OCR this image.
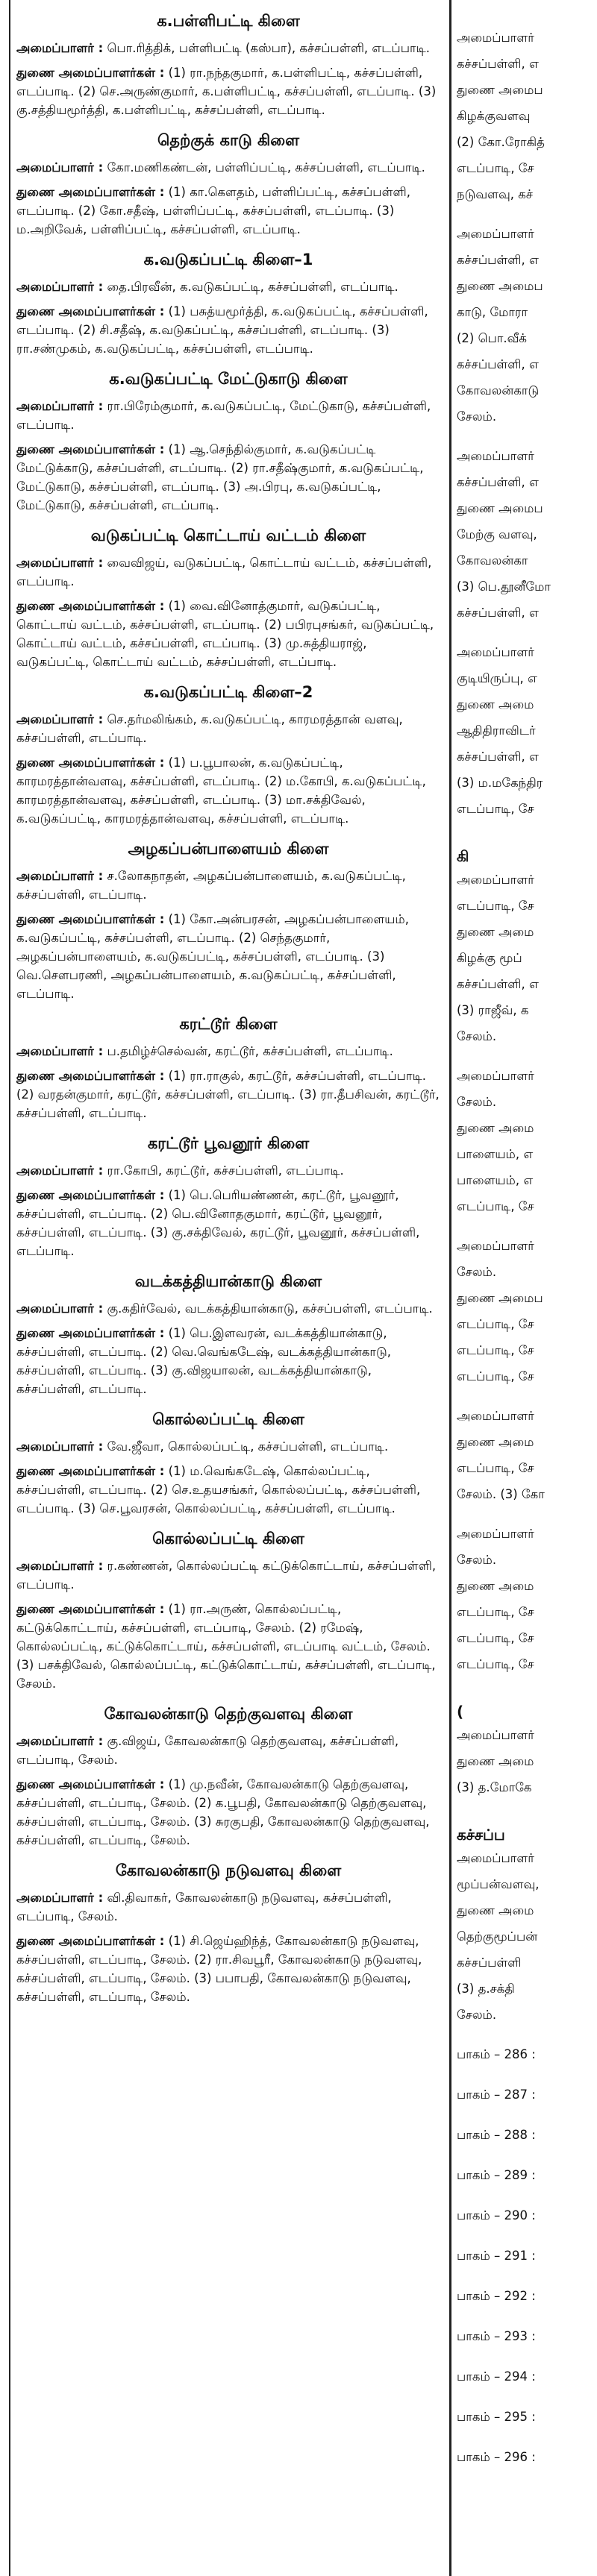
க.பள்ளிபட்டி கிளை

அமைப்பாளர் : பொ.ரித்திக், பள்ளிபட்டி (கஸ்பா), கச்சப்பள்ளி, எடப்பாடி.

துணை அமைப்பாளர்கள் : (1) ரா.நந்தகுமார், க.பள்ளிபட்டி, கச்சப்பள்ளி, எடப்பாடி. (2) செ.அருண்குமார், க.பள்ளிபட்டி, கச்சப்பள்ளி, எடப்பாடி. (3) கு.சத்தியமூர்த்தி, க.பள்ளிபட்டி, கச்சப்பள்ளி, எடப்பாடி.

தெற்குக் காடு கிளை

அமைப்பாளர் : கோ.மணிகண்டன், பள்ளிப்பட்டி, கச்சப்பள்ளி, எடப்பாடி.

துணை அமைப்பாளர்கள் : (1) கா.கௌதம், பள்ளிப்பட்டி, கச்சப்பள்ளி, எடப்பாடி. (2) கோ.சதீஷ், பள்ளிப்பட்டி, கச்சப்பள்ளி, எடப்பாடி. (3) ம.அறிவேக், பள்ளிப்பட்டி, கச்சப்பள்ளி, எடப்பாடி.

க.வடுகப்பட்டி கிளை–1

அமைப்பாளர் : தை.பிரவீன், க.வடுகப்பட்டி, கச்சப்பள்ளி, எடப்பாடி.

துணை அமைப்பாளர்கள் : (1) பசுத்யமூர்த்தி, க.வடுகப்பட்டி, கச்சப்பள்ளி, எடப்பாடி. (2) சி.சதீஷ், க.வடுகப்பட்டி, கச்சப்பள்ளி, எடப்பாடி. (3) ரா.சண்முகம், க.வடுகப்பட்டி, கச்சப்பள்ளி, எடப்பாடி.

க.வடுகப்பட்டி மேட்டுகாடு கிளை

அமைப்பாளர் : ரா.பிரேம்குமார், க.வடுகப்பட்டி, மேட்டுகாடு, கச்சப்பள்ளி, எடப்பாடி.

துணை அமைப்பாளர்கள் : (1) ஆ.செந்தில்குமார், க.வடுகப்பட்டி மேட்டுக்காடு, கச்சப்பள்ளி, எடப்பாடி. (2) ரா.சதீஷ்குமார், க.வடுகப்பட்டி, மேட்டுகாடு, கச்சப்பள்ளி, எடப்பாடி. (3) அ.பிரபு, க.வடுகப்பட்டி, மேட்டுகாடு, கச்சப்பள்ளி, எடப்பாடி.

வடுகப்பட்டி கொட்டாய் வட்டம் கிளை

அமைப்பாளர் : வைவிஜய், வடுகப்பட்டி, கொட்டாய் வட்டம், கச்சப்பள்ளி, எடப்பாடி.

துணை அமைப்பாளர்கள் : (1) வை.வினோத்குமார், வடுகப்பட்டி, கொட்டாய் வட்டம், கச்சப்பள்ளி, எடப்பாடி. (2) பபிரபுசங்கர், வடுகப்பட்டி, கொட்டாய் வட்டம், கச்சப்பள்ளி, எடப்பாடி. (3) மு.சுத்தியராஜ், வடுகப்பட்டி, கொட்டாய் வட்டம், கச்சப்பள்ளி, எடப்பாடி.

க.வடுகப்பட்டி கிளை–2

அமைப்பாளர் : செ.தர்மலிங்கம், க.வடுகப்பட்டி, காரமரத்தான் வளவு, கச்சப்பள்ளி, எடப்பாடி.

துணை அமைப்பாளர்கள் : (1) ப.பூபாலன், க.வடுகப்பட்டி, காரமரத்தான்வளவு, கச்சப்பள்ளி, எடப்பாடி. (2) ம.கோபி, க.வடுகப்பட்டி, காரமரத்தான்வளவு, கச்சப்பள்ளி, எடப்பாடி. (3) மா.சக்திவேல், க.வடுகப்பட்டி, காரமரத்தான்வளவு, கச்சப்பள்ளி, எடப்பாடி.

அழகப்பன்பாளையம் கிளை

அமைப்பாளர் : ச.லோகநாதன், அழகப்பன்பாளையம், க.வடுகப்பட்டி, கச்சப்பள்ளி, எடப்பாடி.

துணை அமைப்பாளர்கள் : (1) கோ.அன்பரசன், அழகப்பன்பாளையம், க.வடுகப்பட்டி, கச்சப்பள்ளி, எடப்பாடி. (2) செந்தகுமார், அழகப்பன்பாளையம், க.வடுகப்பட்டி, கச்சப்பள்ளி, எடப்பாடி. (3) வெ.சௌபரணி, அழகப்பன்பாளையம், க.வடுகப்பட்டி, கச்சப்பள்ளி, எடப்பாடி.

கரட்டூர் கிளை

அமைப்பாளர் : ப.தமிழ்ச்செல்வன், கரட்டூர், கச்சப்பள்ளி, எடப்பாடி.

துணை அமைப்பாளர்கள் : (1) ரா.ராகுல், கரட்டூர், கச்சப்பள்ளி, எடப்பாடி. (2) வரதன்குமார், கரட்டூர், கச்சப்பள்ளி, எடப்பாடி. (3) ரா.தீபசிவன், கரட்டூர், கச்சப்பள்ளி, எடப்பாடி.

கரட்டூர் பூவனூர் கிளை

அமைப்பாளர் : ரா.கோபி, கரட்டூர், கச்சப்பள்ளி, எடப்பாடி.

துணை அமைப்பாளர்கள் : (1) பெ.பெரியண்ணன், கரட்டூர், பூவனூர், கச்சப்பள்ளி, எடப்பாடி. (2) பெ.வினோதகுமார், கரட்டூர், பூவனூர், கச்சப்பள்ளி, எடப்பாடி. (3) கு.சக்திவேல், கரட்டூர், பூவனூர், கச்சப்பள்ளி, எடப்பாடி.

வடக்கத்தியான்காடு கிளை

அமைப்பாளர் : கு.கதிர்வேல், வடக்கத்தியான்காடு, கச்சப்பள்ளி, எடப்பாடி.

துணை அமைப்பாளர்கள் : (1) பெ.இளவரன், வடக்கத்தியான்காடு, கச்சப்பள்ளி, எடப்பாடி. (2) வெ.வெங்கடேஷ், வடக்கத்தியான்காடு, கச்சப்பள்ளி, எடப்பாடி. (3) கு.விஜயாலன், வடக்கத்தியான்காடு, கச்சப்பள்ளி, எடப்பாடி.

கொல்லப்பட்டி கிளை

அமைப்பாளர் : வே.ஜீவா, கொல்லப்பட்டி, கச்சப்பள்ளி, எடப்பாடி.

துணை அமைப்பாளர்கள் : (1) ம.வெங்கடேஷ், கொல்லப்பட்டி, கச்சப்பள்ளி, எடப்பாடி. (2) செ.உதயசங்கர், கொல்லப்பட்டி, கச்சப்பள்ளி, எடப்பாடி. (3) செ.பூவரசன், கொல்லப்பட்டி, கச்சப்பள்ளி, எடப்பாடி.

கொல்லப்பட்டி கிளை

அமைப்பாளர் : ர.கண்ணன், கொல்லப்பட்டி கட்டுக்கொட்டாய், கச்சப்பள்ளி, எடப்பாடி.

துணை அமைப்பாளர்கள் : (1) ரா.அருண், கொல்லப்பட்டி, கட்டுக்கொட்டாய், கச்சப்பள்ளி, எடப்பாடி, சேலம். (2) ரமேஷ், கொல்லப்பட்டி, கட்டுக்கொட்டாய், கச்சப்பள்ளி, எடப்பாடி வட்டம், சேலம். (3) பசக்திவேல், கொல்லப்பட்டி, கட்டுக்கொட்டாய், கச்சப்பள்ளி, எடப்பாடி, சேலம்.

கோவலன்காடு தெற்குவளவு கிளை

அமைப்பாளர் : கு.விஜய், கோவலன்காடு தெற்குவளவு, கச்சப்பள்ளி, எடப்பாடி, சேலம்.

துணை அமைப்பாளர்கள் : (1) மு.நவீன், கோவலன்காடு தெற்குவளவு, கச்சப்பள்ளி, எடப்பாடி, சேலம். (2) க.பூபதி, கோவலன்காடு தெற்குவளவு, கச்சப்பள்ளி, எடப்பாடி, சேலம். (3) சுரகுபதி, கோவலன்காடு தெற்குவளவு, கச்சப்பள்ளி, எடப்பாடி, சேலம்.

கோவலன்காடு நடுவளவு கிளை

அமைப்பாளர் : வி.திவாகர், கோவலன்காடு நடுவளவு, கச்சப்பள்ளி, எடப்பாடி, சேலம்.

துணை அமைப்பாளர்கள் : (1) சி.ஜெய்ஹிந்த், கோவலன்காடு நடுவளவு, கச்சப்பள்ளி, எடப்பாடி, சேலம். (2) ரா.சிவபூரீ, கோவலன்காடு நடுவளவு, கச்சப்பள்ளி, எடப்பாடி, சேலம். (3) பபாபதி, கோவலன்காடு நடுவளவு, கச்சப்பள்ளி, எடப்பாடி, சேலம்.

அமைப்பாளர்
கச்சப்பள்ளி, எ
துணை அமைப
கிழக்குவளவு
(2) கோ.ரோகித்
எடப்பாடி, சே
நடுவளவு, கச்
அமைப்பாளர்
கச்சப்பள்ளி, எ
துணை அமைப
காடு, மோரா
(2) பொ.வீக்
கச்சப்பள்ளி, எ
கோவலன்காடு
சேலம்.
அமைப்பாளர்
கச்சப்பள்ளி, எ
துணை அமைப
மேற்கு வளவு,
கோவலன்கா
(3) பெ.தூனீமோ
கச்சப்பள்ளி, எ
அமைப்பாளர்
குடியிருப்பு, எ
துணை அமை
ஆதிதிராவிடர்
கச்சப்பள்ளி, எ
(3) ம.மகேந்திர
எடப்பாடி, சே
கி
அமைப்பாளர்
எடப்பாடி, சே
துணை அமை
கிழக்கு மூப்
கச்சப்பள்ளி, எ
(3) ராஜீவ், க
சேலம்.
அமைப்பாளர்
சேலம்.
துணை அமை
பாளையம், எ
பாளையம், எ
எடப்பாடி, சே
அமைப்பாளர்
சேலம்.
துணை அமைப
எடப்பாடி, சே
எடப்பாடி, சே
எடப்பாடி, சே
அமைப்பாளர்
துணை அமை
எடப்பாடி, சே
சேலம். (3) கோ
அமைப்பாளர்
சேலம்.
துணை அமை
எடப்பாடி, சே
எடப்பாடி, சே
எடப்பாடி, சே
(
அமைப்பாளர்
துணை அமை
(3) த.மோகே
கச்சப்ப
அமைப்பாளர்
மூப்பன்வளவு,
துணை அமை
தெற்குமூப்பன்
கச்சப்பள்ளி
(3) த.சக்தி
சேலம்.
பாகம் – 286 :
பாகம் – 287 :
பாகம் – 288 :
பாகம் – 289 :
பாகம் – 290 :
பாகம் – 291 :
பாகம் – 292 :
பாகம் – 293 :
பாகம் – 294 :
பாகம் – 295 :
பாகம் – 296 :
